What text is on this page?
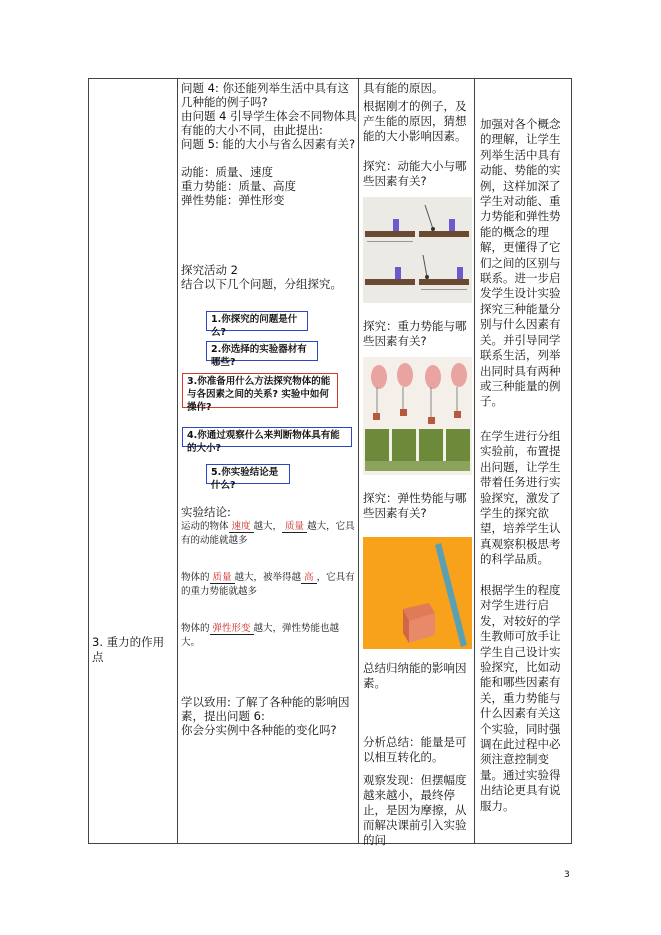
3. 重力的作用点

问题 4: 你还能列举生活中具有这几种能的例子吗?
由问题 4 引导学生体会不同物体具有能的大小不同，由此提出:
问题 5: 能的大小与省么因素有关?
动能：质量、速度
重力势能：质量、高度
弹性势能：弹性形变
探究活动 2
结合以下几个问题，分组探究。
1.你探究的问题是什么?
2.你选择的实验器材有哪些?
3.你准备用什么方法探究物体的能与各因素之间的关系? 实验中如何操作?
4.你通过观察什么来判断物体具有能的大小?
5.你实验结论是什么?
实验结论:
运动的物体 速度 越大， 质量 越大，它具有的动能就越多
物体的 质量 越大，被举得越 高 ，它具有的重力势能就越多
物体的 弹性形变 越大，弹性势能也越大。
学以致用: 了解了各种能的影响因素，提出问题 6:
你会分实例中各种能的变化吗?

具有能的原因。
根据刚才的例子，及产生能的原因，猜想能的大小影响因素。
探究：动能大小与哪些因素有关?
探究：重力势能与哪些因素有关?
探究：弹性势能与哪些因素有关?
总结归纳能的影响因素。
分析总结：能量是可以相互转化的。
观察发现：但摆幅度越来越小，最终停止，是因为摩擦，从而解决课前引入实验的问

加强对各个概念的理解，让学生列举生活中具有动能、势能的实例，这样加深了学生对动能、重力势能和弹性势能的概念的理解，更懂得了它们之间的区别与联系。进一步启发学生设计实验探究三种能量分别与什么因素有关。并引导同学联系生活，列举出同时具有两种或三种能量的例子。
在学生进行分组实验前，布置提出问题，让学生带着任务进行实验探究，激发了学生的探究欲望，培养学生认真观察积极思考的科学品质。
根据学生的程度对学生进行启发，对较好的学生教师可放手让学生自己设计实验探究，比如动能和哪些因素有关，重力势能与什么因素有关这个实验，同时强调在此过程中必须注意控制变量。通过实验得出结论更具有说服力。
3
